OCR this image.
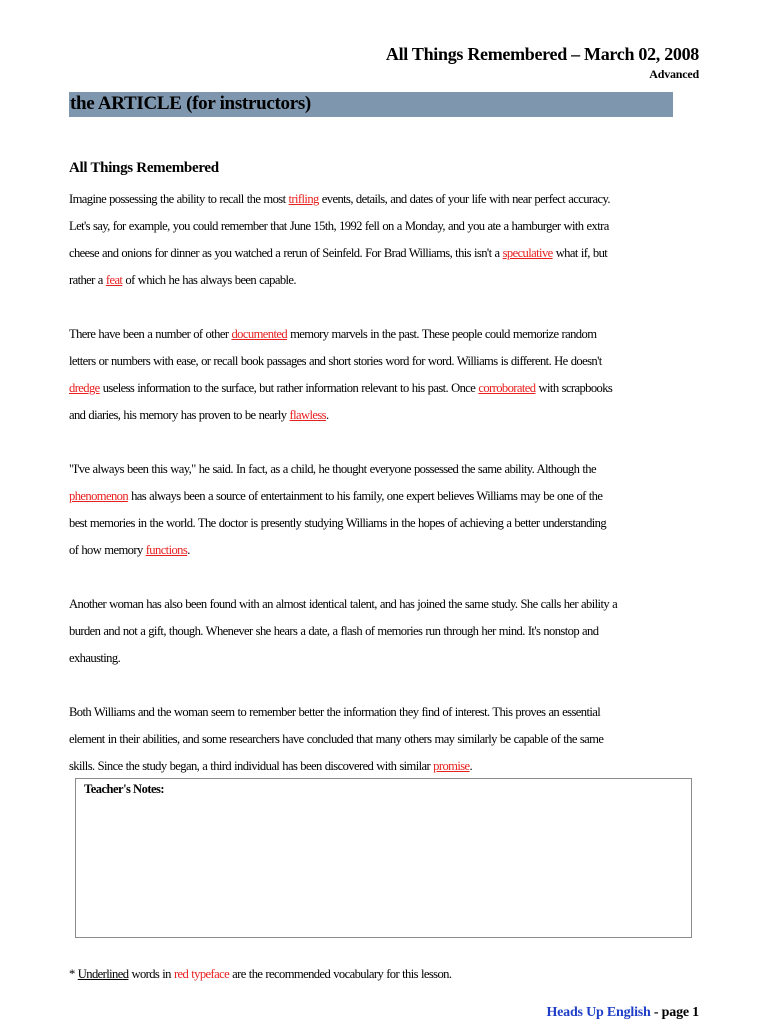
All Things Remembered – March 02, 2008
Advanced
the ARTICLE (for instructors)
All Things Remembered

Imagine possessing the ability to recall the most trifling events, details, and dates of your life with near perfect accuracy.
Let's say, for example, you could remember that June 15th, 1992 fell on a Monday, and you ate a hamburger with extra
cheese and onions for dinner as you watched a rerun of Seinfeld. For Brad Williams, this isn't a speculative what if, but
rather a feat of which he has always been capable.

There have been a number of other documented memory marvels in the past. These people could memorize random
letters or numbers with ease, or recall book passages and short stories word for word. Williams is different. He doesn't
dredge useless information to the surface, but rather information relevant to his past. Once corroborated with scrapbooks
and diaries, his memory has proven to be nearly flawless.

"I've always been this way," he said. In fact, as a child, he thought everyone possessed the same ability. Although the
phenomenon has always been a source of entertainment to his family, one expert believes Williams may be one of the
best memories in the world. The doctor is presently studying Williams in the hopes of achieving a better understanding
of how memory functions.

Another woman has also been found with an almost identical talent, and has joined the same study. She calls her ability a
burden and not a gift, though. Whenever she hears a date, a flash of memories run through her mind. It's nonstop and
exhausting.

Both Williams and the woman seem to remember better the information they find of interest. This proves an essential
element in their abilities, and some researchers have concluded that many others may similarly be capable of the same
skills. Since the study began, a third individual has been discovered with similar promise.

Teacher's Notes:
* Underlined words in red typeface are the recommended vocabulary for this lesson.
Heads Up English - page 1
